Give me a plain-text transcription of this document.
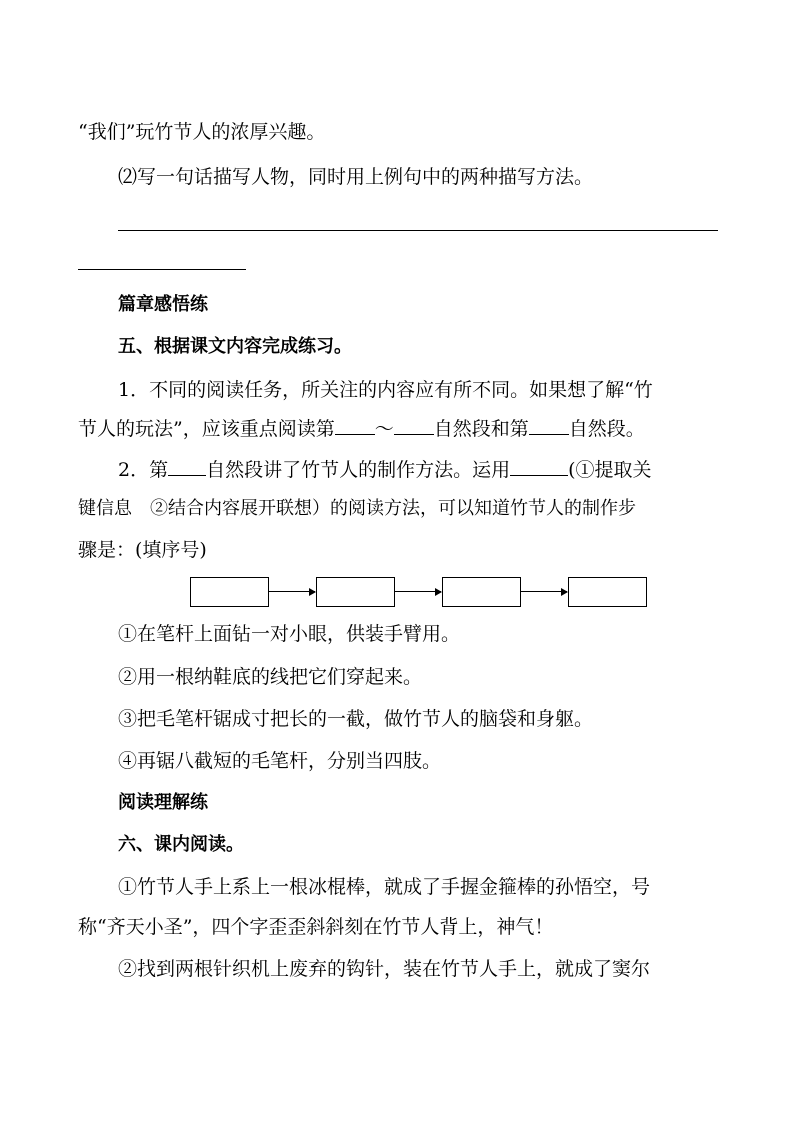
“我们”玩竹节人的浓厚兴趣。
⑵写一句话描写人物，同时用上例句中的两种描写方法。
篇章感悟练
五、根据课文内容完成练习。
1．不同的阅读任务，所关注的内容应有所不同。如果想了解“竹
节人的玩法”，应该重点阅读第 ～ 自然段和第 自然段。
2．第 自然段讲了竹节人的制作方法。运用	(①提取关
键信息　②结合内容展开联想）的阅读方法，可以知道竹节人的制作步
骤是：(填序号)
①在笔杆上面钻一对小眼，供装手臂用。
②用一根纳鞋底的线把它们穿起来。
③把毛笔杆锯成寸把长的一截，做竹节人的脑袋和身躯。
④再锯八截短的毛笔杆，分别当四肢。
阅读理解练
六、课内阅读。
①竹节人手上系上一根冰棍棒，就成了手握金箍棒的孙悟空，号
称“齐天小圣”，四个字歪歪斜斜刻在竹节人背上，神气！
②找到两根针织机上废弃的钩针，装在竹节人手上，就成了窦尔
